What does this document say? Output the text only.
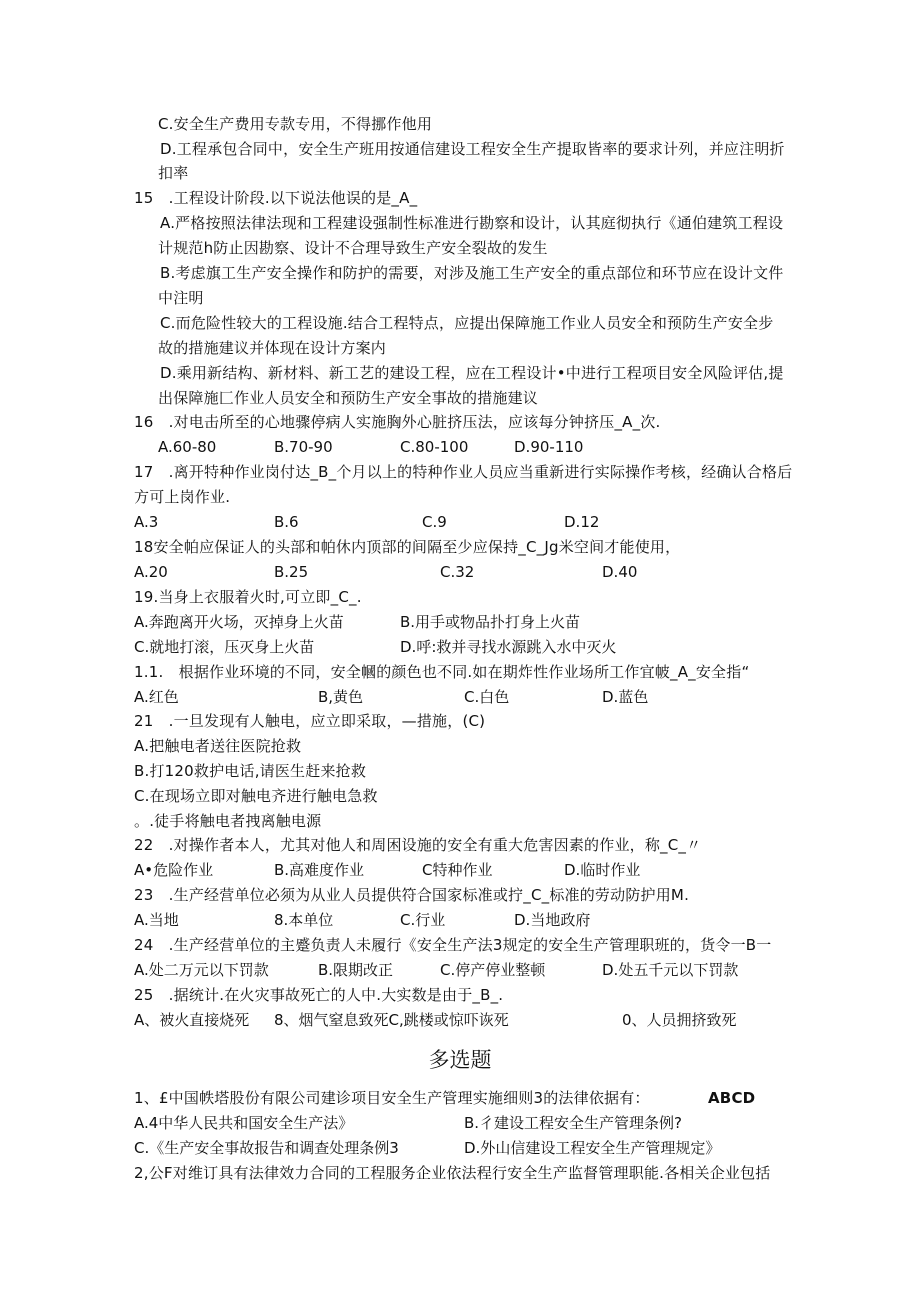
C.安全生产费用专款专用，不得挪作他用
D.工程承包合同中，安全生产班用按通信建设工程安全生产提取皆率的要求计列，并应注明折
扣率
15　.工程设计阶段.以下说法他误的是_A_
A.严格按照法律法现和工程建设强制性标准进行勘察和设计，认其庭彻执行《通伯建筑工程设
计规范h防止因勘察、设计不合理导致生产安全裂故的发生
B.考虑旗工生产安全操作和防护的需要，对涉及施工生产安全的重点部位和环节应在设计文件
中注明
C.而危险性较大的工程设施.结合工程特点，应提出保障施工作业人员安全和预防生产安全步
故的措施建议并体现在设计方案内
D.乘用新结构、新材料、新工艺的建设工程，应在工程设计•中进行工程项目安全风险评估,提
出保障施匚作业人员安全和预防生产安全事故的措施建议
16　.对电击所至的心地骤停病人实施胸外心脏挤压法，应该每分钟挤压_A_次.
A.60-80	B.70-90	C.80-100	D.90-110
17　.离开特种作业岗付达_B_个月以上的特种作业人员应当重新进行实际操作考核，经确认合格后
方可上岗作业.
A.3	B.6	C.9	D.12
18安全帕应保证人的头部和帕休内顶部的间隔至少应保持_C_Jg米空间才能使用，
A.20	B.25	C.32	D.40
19.当身上衣服着火时,可立即_C_.
A.奔跑离开火场，灭掉身上火苗	B.用手或物品扑打身上火苗
C.就地打滚，压灭身上火苗	D.呼:救并寻找水源跳入水中灭火
1.1.　根据作业环境的不同，安全幗的颜色也不同.如在期炸性作业场所工作宜帔_A_安全指“
A.红色	B,黄色	C.白色	D.蓝色
21　.一旦发现有人触电，应立即采取，—措施，(C)
A.把触电者送往医院抢救
B.打120救护电话,请医生赶来抢救
C.在现场立即对触电齐进行触电急救
。.徒手将触电者拽离触电源
22　.对操作者本人，尤其对他人和周困设施的安全有重大危害因素的作业，称_C_〃
A•危险作业	B.高难度作业	C特种作业	D.临时作业
23　.生产经营单位必须为从业人员提供符合国家标准或拧_C_标准的劳动防护用M.
A.当地	8.本单位	C.行业	D.当地政府
24　.生产经营单位的主蹙负责人未履行《安全生产法3规定的安全生产管理职班的，货令一B一
A.处二万元以下罚款	B.限期改正	C.停产停业整顿	D.处五千元以下罚款
25　.据统计.在火灾事故死亡的人中.大实数是由于_B_.
A、被火直接烧死 8、烟气窒息致死C,跳楼或惊吓诙死	0、人员拥挤致死
多选题
1、£中国帙塔股份有限公司建诊项目安全生产管理实施细则3的法律依据有：	ABCD
A.4中华人民共和国安全生产法》	B.彳建设工程安全生产管理条例?
C.《生产安全事故报告和调查处理条例3	D.外山信建设工程安全生产管理规定》
2,公F对维订具有法律效力合同的工程服务企业依法程行安全生产监督管理职能.各相关企业包括
